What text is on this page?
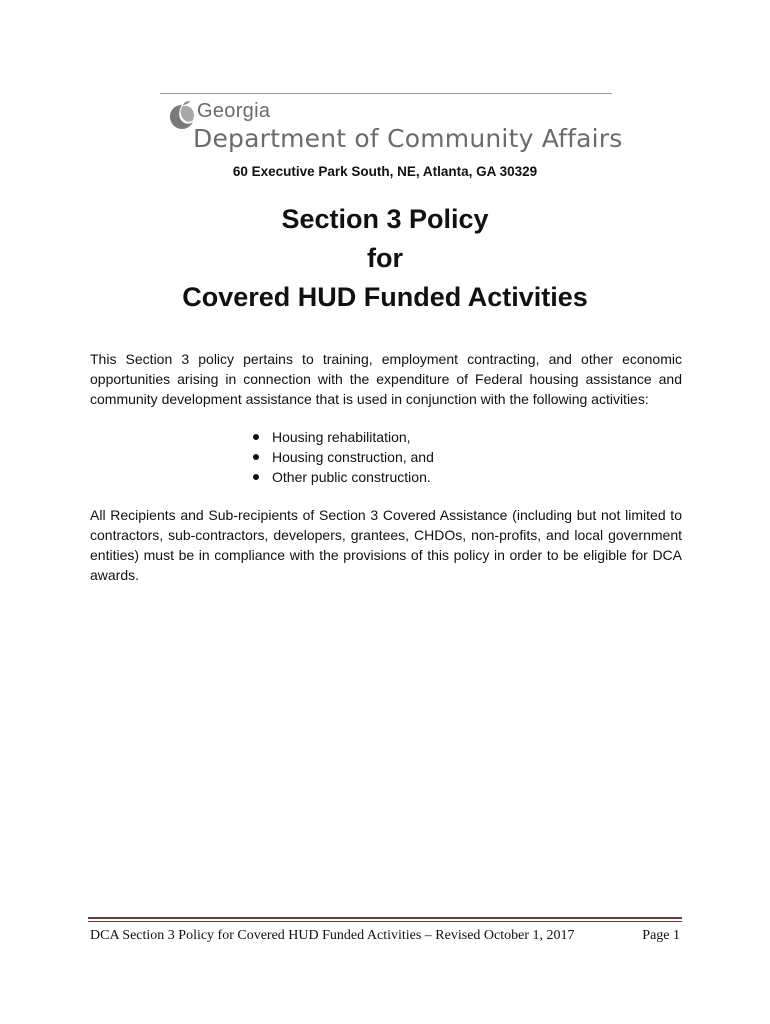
Georgia
Department of Community Affairs
60 Executive Park South, NE, Atlanta, GA 30329
Section 3 Policy
for
Covered HUD Funded Activities
This Section 3 policy pertains to training, employment contracting, and other economic opportunities arising in connection with the expenditure of Federal housing assistance and community development assistance that is used in conjunction with the following activities:
Housing rehabilitation,
Housing construction, and
Other public construction.
All Recipients and Sub-recipients of Section 3 Covered Assistance (including but not limited to contractors, sub-contractors, developers, grantees, CHDOs, non-profits, and local government entities) must be in compliance with the provisions of this policy in order to be eligible for DCA awards.
DCA Section 3 Policy for Covered HUD Funded Activities – Revised October 1, 2017	Page 1
